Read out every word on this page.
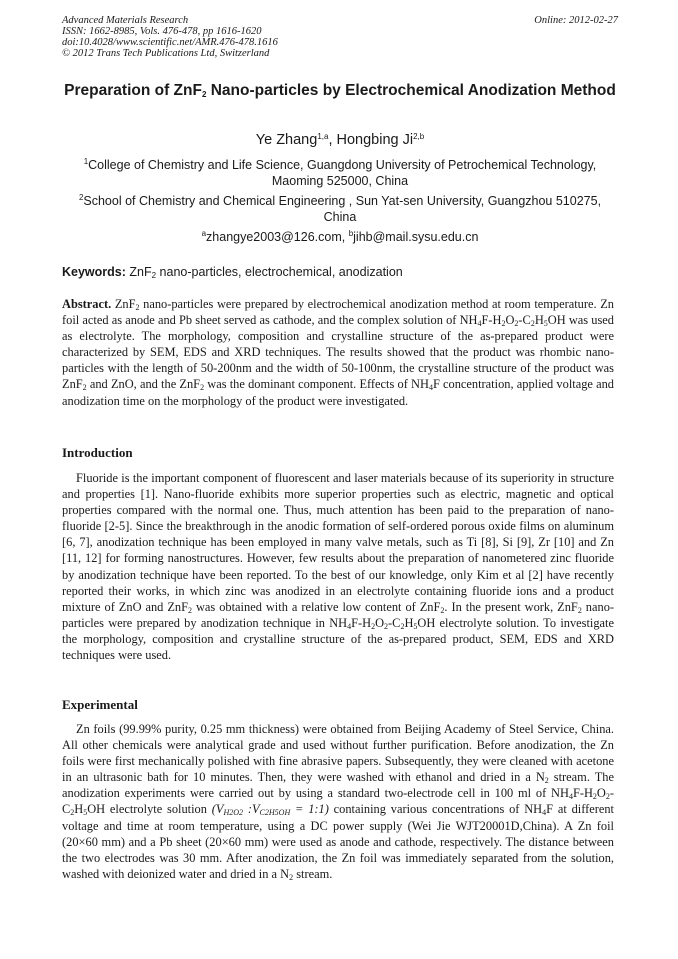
Advanced Materials Research
ISSN: 1662-8985, Vols. 476-478, pp 1616-1620
doi:10.4028/www.scientific.net/AMR.476-478.1616
© 2012 Trans Tech Publications Ltd, Switzerland
Online: 2012-02-27
Preparation of ZnF$_2$ Nano-particles by Electrochemical Anodization Method
Ye Zhang$^{1,a}$, Hongbing Ji$^{2,b}$
$^1$College of Chemistry and Life Science, Guangdong University of Petrochemical Technology, Maoming 525000, China
$^2$School of Chemistry and Chemical Engineering , Sun Yat-sen University, Guangzhou 510275, China
$^a$zhangye2003@126.com, $^b$jihb@mail.sysu.edu.cn
Keywords: ZnF$_2$ nano-particles, electrochemical, anodization
Abstract. ZnF$_2$ nano-particles were prepared by electrochemical anodization method at room temperature. Zn foil acted as anode and Pb sheet served as cathode, and the complex solution of $NH_4F-H_2O_2-C_2H_5OH$ was used as electrolyte. The morphology, composition and crystalline structure of the as-prepared product were characterized by SEM, EDS and XRD techniques. The results showed that the product was rhombic nano-particles with the length of 50-200nm and the width of 50-100nm, the crystalline structure of the product was ZnF$_2$ and ZnO, and the ZnF$_2$ was the dominant component. Effects of $NH_4F$ concentration, applied voltage and anodization time on the morphology of the product were investigated.
Introduction
Fluoride is the important component of fluorescent and laser materials because of its superiority in structure and properties [1]. Nano-fluoride exhibits more superior properties such as electric, magnetic and optical properties compared with the normal one. Thus, much attention has been paid to the preparation of nano-fluoride [2-5]. Since the breakthrough in the anodic formation of self-ordered porous oxide films on aluminum [6, 7], anodization technique has been employed in many valve metals, such as Ti [8], Si [9], Zr [10] and Zn [11, 12] for forming nanostructures. However, few results about the preparation of nanometered zinc fluoride by anodization technique have been reported. To the best of our knowledge, only Kim et al [2] have recently reported their works, in which zinc was anodized in an electrolyte containing fluoride ions and a product mixture of ZnO and ZnF$_2$ was obtained with a relative low content of ZnF$_2$. In the present work, ZnF$_2$ nano-particles were prepared by anodization technique in $NH_4F-H_2O_2-C_2H_5OH$ electrolyte solution. To investigate the morphology, composition and crystalline structure of the as-prepared product, SEM, EDS and XRD techniques were used.
Experimental
Zn foils (99.99% purity, 0.25 mm thickness) were obtained from Beijing Academy of Steel Service, China. All other chemicals were analytical grade and used without further purification. Before anodization, the Zn foils were first mechanically polished with fine abrasive papers. Subsequently, they were cleaned with acetone in an ultrasonic bath for 10 minutes. Then, they were washed with ethanol and dried in a $N_2$ stream. The anodization experiments were carried out by using a standard two-electrode cell in 100 ml of $NH_4F-H_2O_2-C_2H_5OH$ electrolyte solution ($V_{H2O2}$ $:V_{C2H5OH}$ = 1:1) containing various concentrations of $NH_4F$ at different voltage and time at room temperature, using a DC power supply (Wei Jie WJT20001D,China). A Zn foil (20×60 mm) and a Pb sheet (20×60 mm) were used as anode and cathode, respectively. The distance between the two electrodes was 30 mm. After anodization, the Zn foil was immediately separated from the solution, washed with deionized water and dried in a $N_2$ stream.
